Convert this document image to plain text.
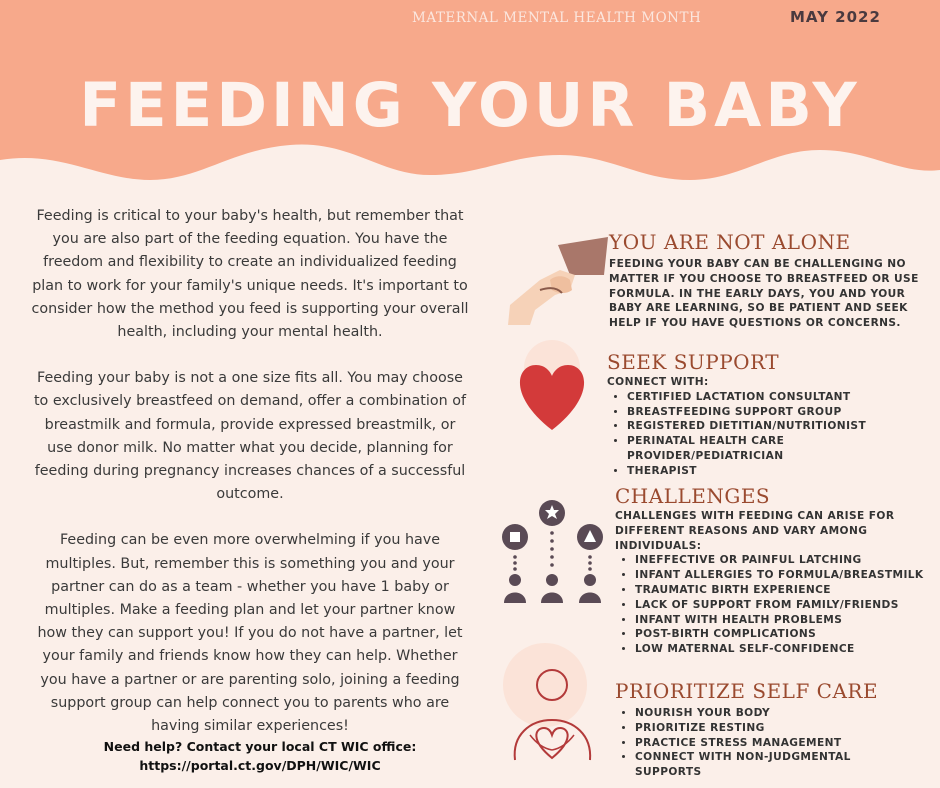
MATERNAL MENTAL HEALTH MONTH	MAY 2022
FEEDING YOUR BABY

Feeding is critical to your baby's health, but remember that you are also part of the feeding equation. You have the freedom and flexibility to create an individualized feeding plan to work for your family's unique needs. It's important to consider how the method you feed is supporting your overall health, including your mental health.

Feeding your baby is not a one size fits all. You may choose to exclusively breastfeed on demand, offer a combination of breastmilk and formula, provide expressed breastmilk, or use donor milk. No matter what you decide, planning for feeding during pregnancy increases chances of a successful outcome.

Feeding can be even more overwhelming if you have multiples. But, remember this is something you and your partner can do as a team - whether you have 1 baby or multiples. Make a feeding plan and let your partner know how they can support you! If you do not have a partner, let your family and friends know how they can help. Whether you have a partner or are parenting solo, joining a feeding support group can help connect you to parents who are having similar experiences!

Need help? Contact your local CT WIC office:
https://portal.ct.gov/DPH/WIC/WIC
YOU ARE NOT ALONE

FEEDING YOUR BABY CAN BE CHALLENGING NO MATTER IF YOU CHOOSE TO BREASTFEED OR USE FORMULA. IN THE EARLY DAYS, YOU AND YOUR BABY ARE LEARNING, SO BE PATIENT AND SEEK HELP IF YOU HAVE QUESTIONS OR CONCERNS.

SEEK SUPPORT

CONNECT WITH:

• CERTIFIED LACTATION CONSULTANT
• BREASTFEEDING SUPPORT GROUP
• REGISTERED DIETITIAN/NUTRITIONIST
• PERINATAL HEALTH CARE PROVIDER/PEDIATRICIAN
• THERAPIST
CHALLENGES

CHALLENGES WITH FEEDING CAN ARISE FOR DIFFERENT REASONS AND VARY AMONG INDIVIDUALS:

• INEFFECTIVE OR PAINFUL LATCHING
• INFANT ALLERGIES TO FORMULA/BREASTMILK
• TRAUMATIC BIRTH EXPERIENCE
• LACK OF SUPPORT FROM FAMILY/FRIENDS
• INFANT WITH HEALTH PROBLEMS
• POST-BIRTH COMPLICATIONS
• LOW MATERNAL SELF-CONFIDENCE
PRIORITIZE SELF CARE
• NOURISH YOUR BODY
• PRIORITIZE RESTING
• PRACTICE STRESS MANAGEMENT
• CONNECT WITH NON-JUDGMENTAL SUPPORTS
